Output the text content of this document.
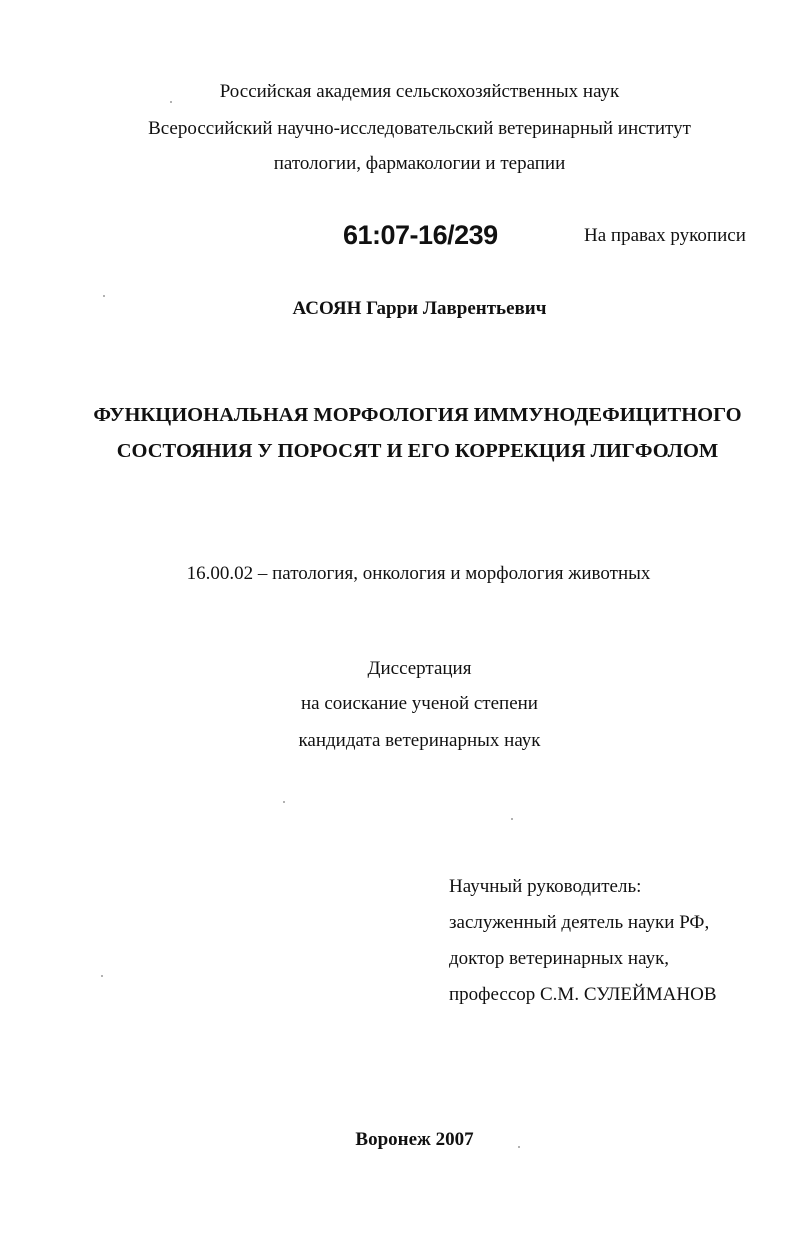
Российская академия сельскохозяйственных наук
Всероссийский научно-исследовательский ветеринарный институт
патологии, фармакологии и терапии
61:07-16/239	На правах рукописи
АСОЯН Гарри Лаврентьевич
ФУНКЦИОНАЛЬНАЯ МОРФОЛОГИЯ ИММУНОДЕФИЦИТНОГО
СОСТОЯНИЯ У ПОРОСЯТ И ЕГО КОРРЕКЦИЯ ЛИГФОЛОМ
16.00.02 – патология, онкология и морфология животных
Диссертация
на соискание ученой степени
кандидата ветеринарных наук
Научный руководитель:
заслуженный деятель науки РФ,
доктор ветеринарных наук,
профессор С.М. СУЛЕЙМАНОВ
Воронеж 2007
